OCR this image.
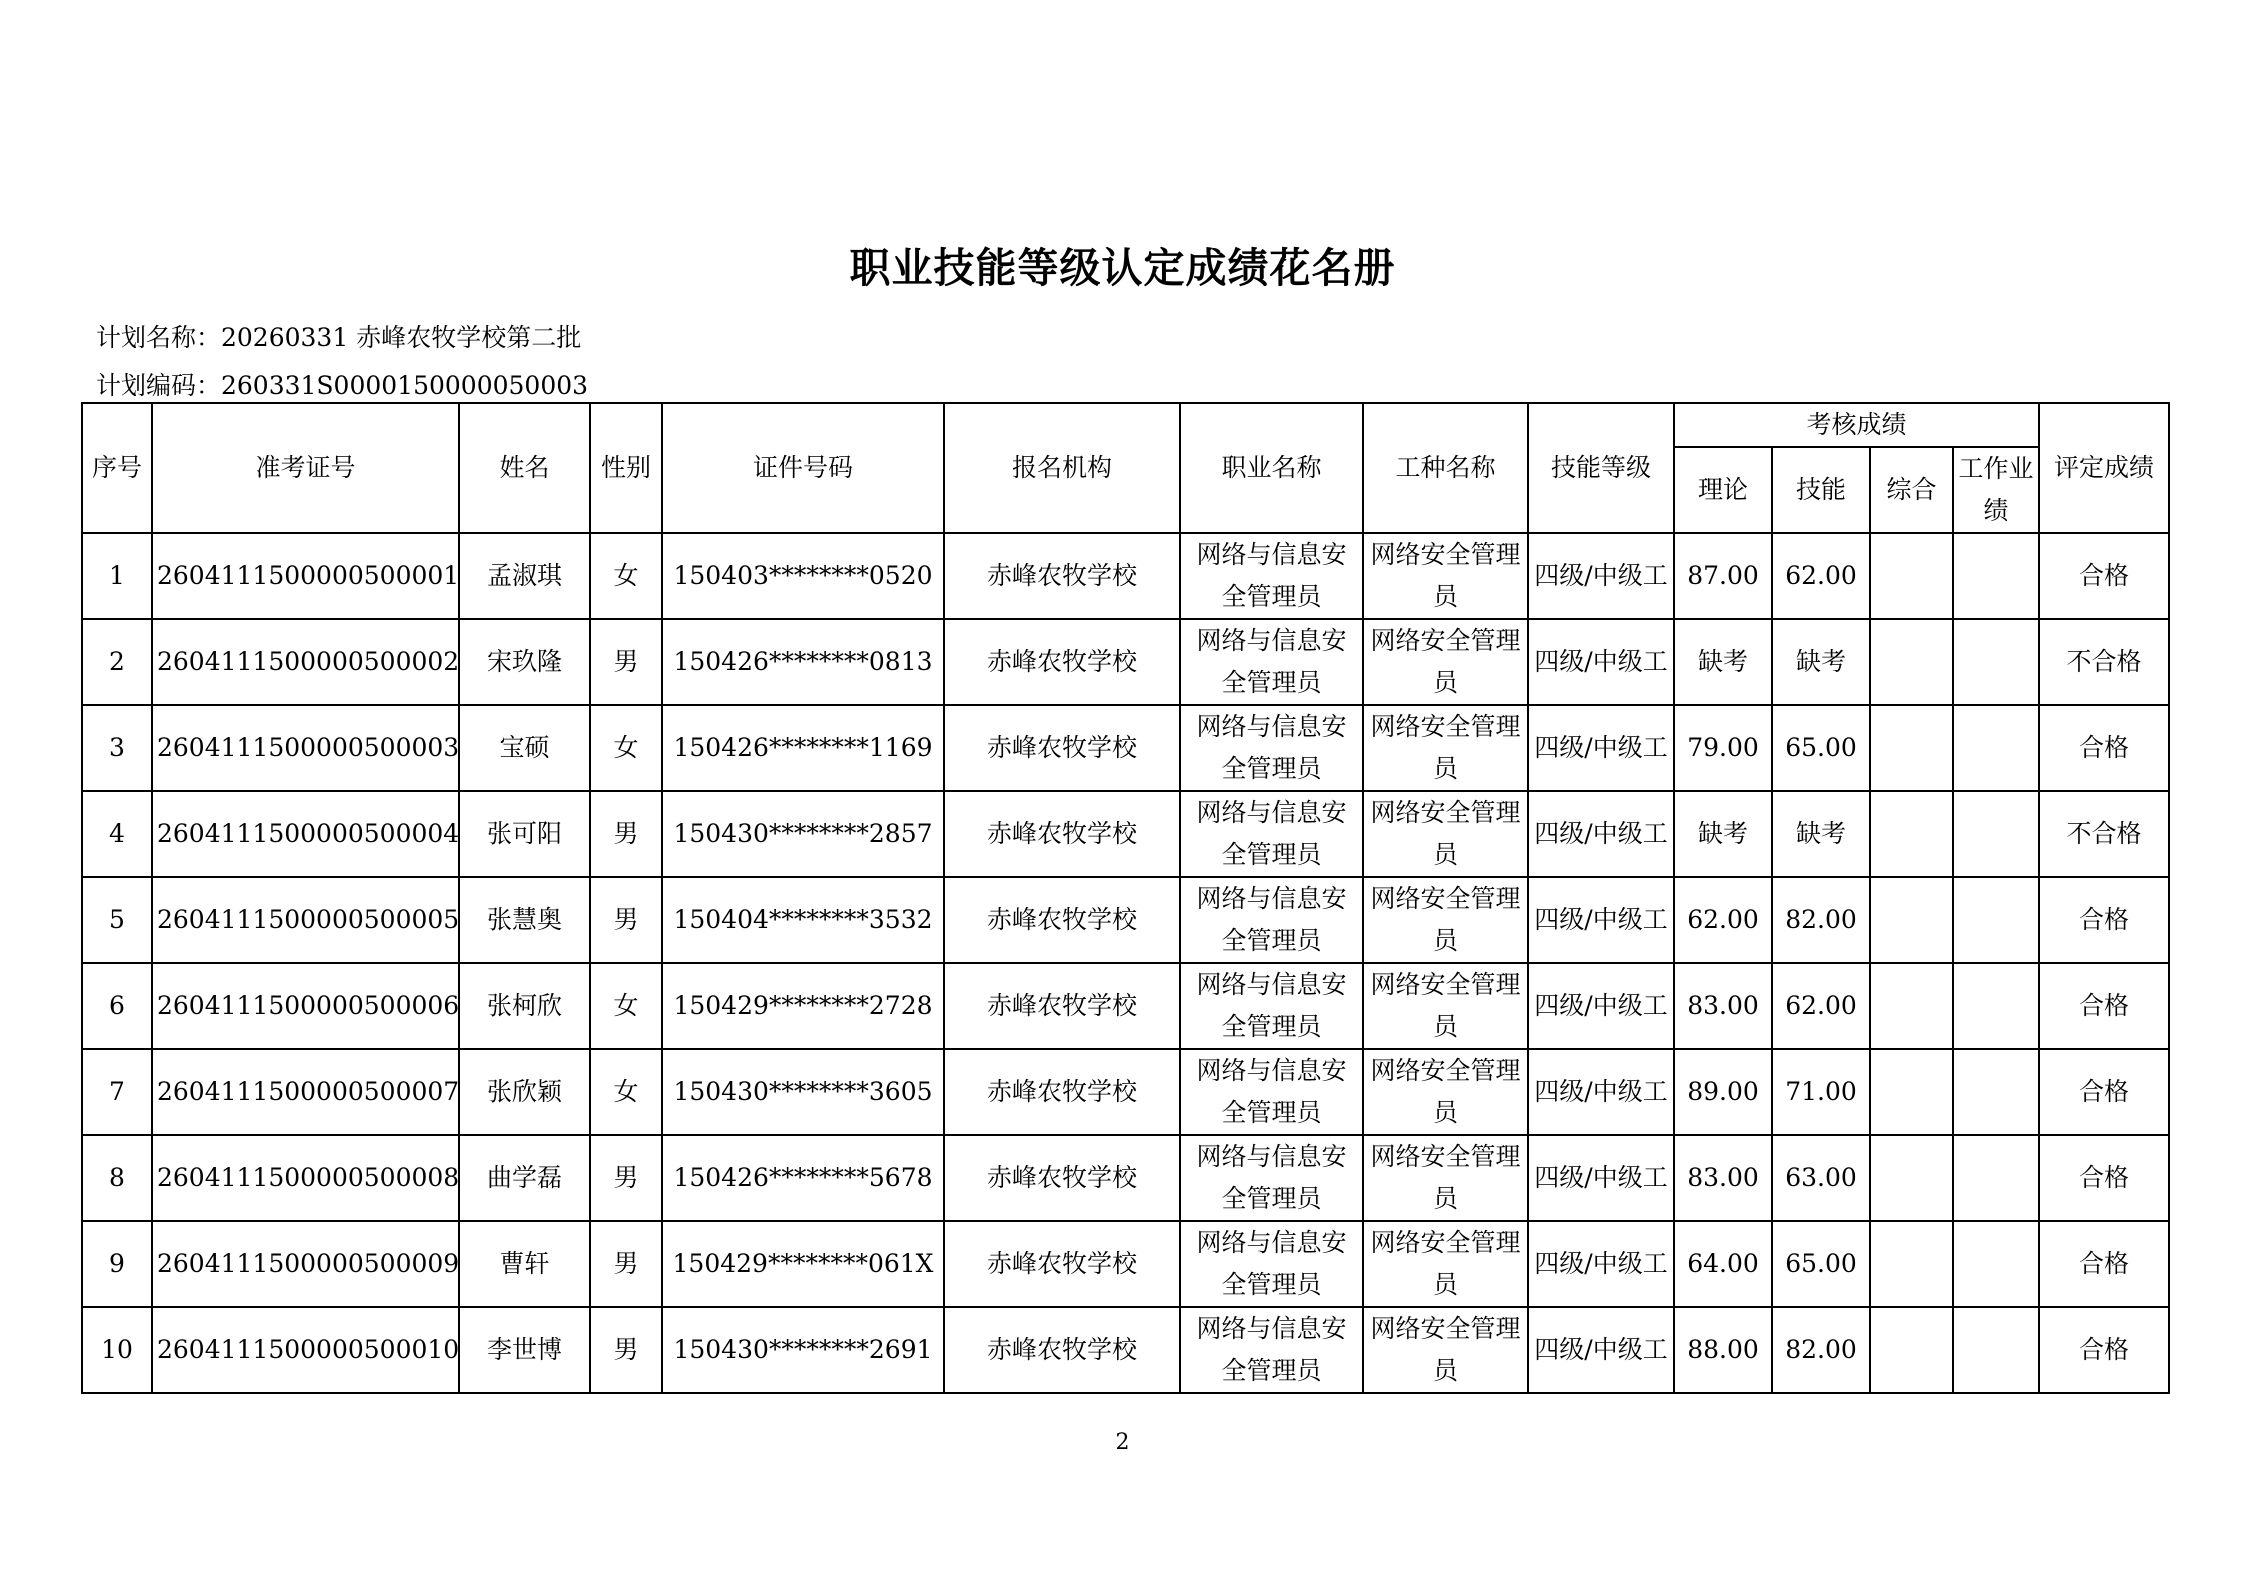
职业技能等级认定成绩花名册
计划名称：20260331 赤峰农牧学校第二批
计划编码：260331S0000150000050003
序号	准考证号	姓名	性别	证件号码	报名机构	职业名称	工种名称	技能等级	考核成绩				评定成绩
									理论	技能	综合	工作业绩	
1	2604111500000500001	孟淑琪	女	150403********0520	赤峰农牧学校	网络与信息安全管理员	网络安全管理员	四级/中级工	87.00	62.00			合格
2	2604111500000500002	宋玖隆	男	150426********0813	赤峰农牧学校	网络与信息安全管理员	网络安全管理员	四级/中级工	缺考	缺考			不合格
3	2604111500000500003	宝硕	女	150426********1169	赤峰农牧学校	网络与信息安全管理员	网络安全管理员	四级/中级工	79.00	65.00			合格
4	2604111500000500004	张可阳	男	150430********2857	赤峰农牧学校	网络与信息安全管理员	网络安全管理员	四级/中级工	缺考	缺考			不合格
5	2604111500000500005	张慧奥	男	150404********3532	赤峰农牧学校	网络与信息安全管理员	网络安全管理员	四级/中级工	62.00	82.00			合格
6	2604111500000500006	张柯欣	女	150429********2728	赤峰农牧学校	网络与信息安全管理员	网络安全管理员	四级/中级工	83.00	62.00			合格
7	2604111500000500007	张欣颖	女	150430********3605	赤峰农牧学校	网络与信息安全管理员	网络安全管理员	四级/中级工	89.00	71.00			合格
8	2604111500000500008	曲学磊	男	150426********5678	赤峰农牧学校	网络与信息安全管理员	网络安全管理员	四级/中级工	83.00	63.00			合格
9	2604111500000500009	曹轩	男	150429********061X	赤峰农牧学校	网络与信息安全管理员	网络安全管理员	四级/中级工	64.00	65.00			合格
10	2604111500000500010	李世博	男	150430********2691	赤峰农牧学校	网络与信息安全管理员	网络安全管理员	四级/中级工	88.00	82.00			合格
2
